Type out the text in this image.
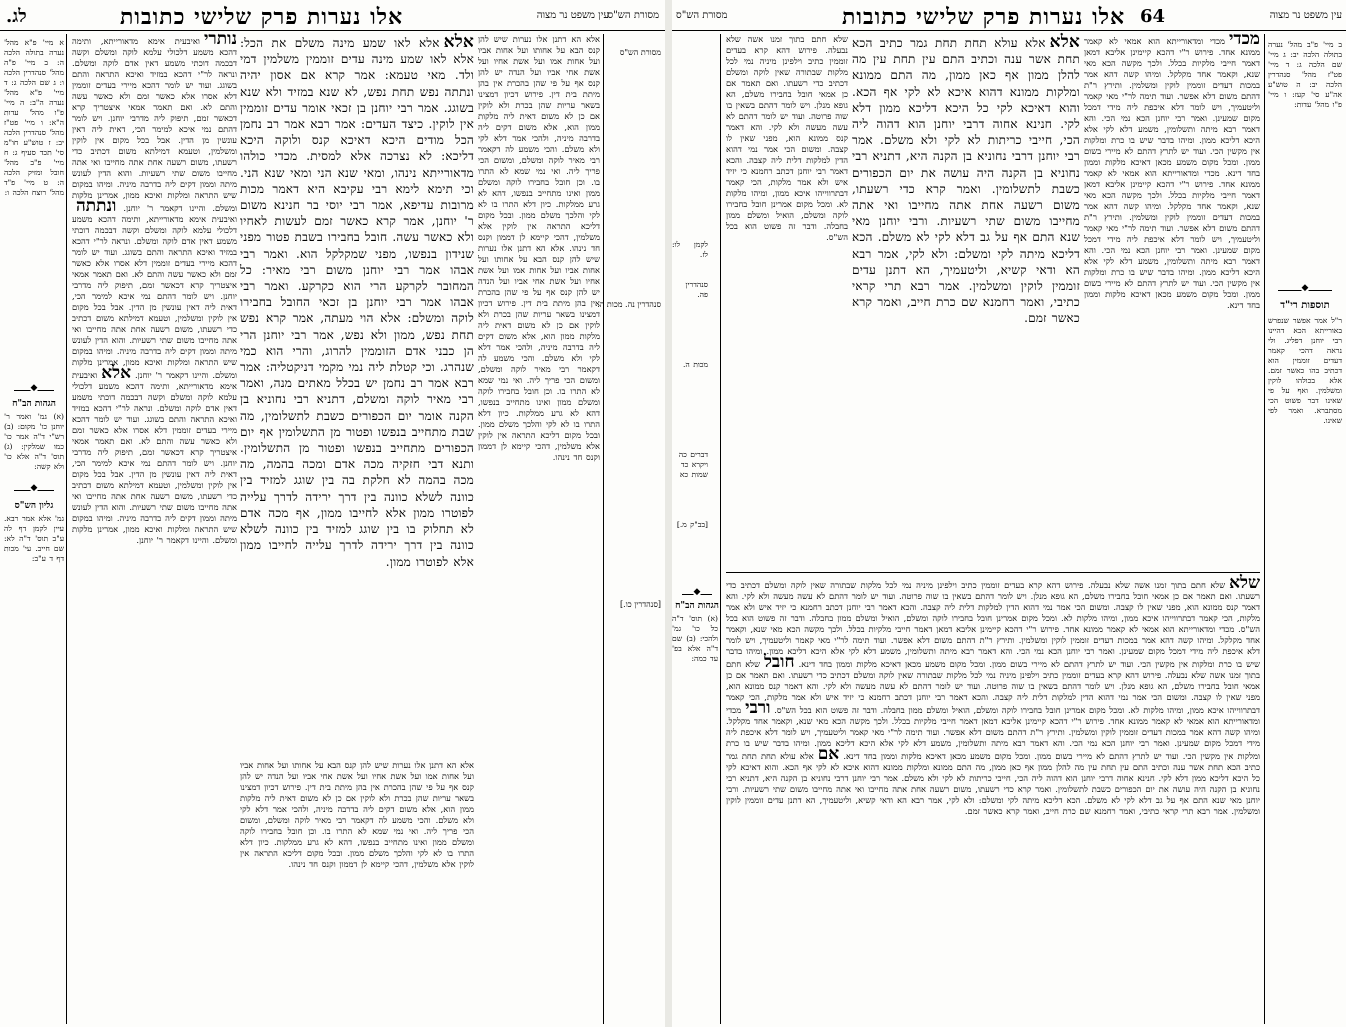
לג.	אלו נערות פרק שלישי כתובות	מסורת הש"ס
עין משפט נר מצוה
א מיי' פ"א מהל' נערה בתולה הלכה ה: ב מיי' פ"ה מהל' סנהדרין הלכה ו: ג שם הלכה ג: ד מיי' פ"א מהל' נערה ה"ב: ה מיי' פ"ו מהל' עדות ה"א: ו מיי' פט"ז מהל' סנהדרין הלכה יב: ז טוש"ע חו"מ סי' תכד סעיף ג: ח מיי' פ"ב מהל' חובל ומזיק הלכה ה: ט מיי' פ"ד מהל' רוצח הלכה ו:
◆
הגהות הב"ח
(א) גמ' ואמר ר' יוחנן כו' מקום: (ב) רש"י ד"ה אמר כו' כמו שמלקין: (ג) תוס' ד"ה אלא כו' ולא קשה:
◆
גליון הש"ס
גמ' אלא אמר רבא. עיין לקמן דף לה ע"ב תוס' ד"ה לא: שם חייב. עי' מכות דף ד ע"ב:
נותריואיבעית אימא מדאורייתא, ותימה דהכא משמע דלכולי עלמא לוקה ומשלם וקשה דבכמה דוכתי משמע דאין אדם לוקה ומשלם. ונראה לר"י דהכא במזיד ואיכא התראה והתם בשוגג. ועוד יש לומר דהכא מיירי בעדים זוממין דלא אסרו אלא כאשר זמם ולא כאשר עשה והתם לא. ואם תאמר אמאי איצטריך קרא דכאשר זמם, תיפוק ליה מדרבי יוחנן. ויש לומר דהתם נמי איכא למימר הכי, דאית ליה דאין עונשין מן הדין. אבל בכל מקום אין לוקין ומשלמין, וטעמא דמילתא משום דכתיב כדי רשעתו, משום רשעה אחת אתה מחייבו ואי אתה מחייבו משום שתי רשעיות. והוא הדין לעונש מיתה וממון דקים ליה בדרבה מיניה. ומיהו במקום שיש התראה ומלקות ואיכא ממון, אמרינן מלקות ומשלם. והיינו דקאמר ר' יוחנן. ונתתהואיבעית אימא מדאורייתא, ותימה דהכא משמע דלכולי עלמא לוקה ומשלם וקשה דבכמה דוכתי משמע דאין אדם לוקה ומשלם. ונראה לר"י דהכא במזיד ואיכא התראה והתם בשוגג. ועוד יש לומר דהכא מיירי בעדים זוממין דלא אסרו אלא כאשר זמם ולא כאשר עשה והתם לא. ואם תאמר אמאי איצטריך קרא דכאשר זמם, תיפוק ליה מדרבי יוחנן. ויש לומר דהתם נמי איכא למימר הכי, דאית ליה דאין עונשין מן הדין. אבל בכל מקום אין לוקין ומשלמין, וטעמא דמילתא משום דכתיב כדי רשעתו, משום רשעה אחת אתה מחייבו ואי אתה מחייבו משום שתי רשעיות. והוא הדין לעונש מיתה וממון דקים ליה בדרבה מיניה. ומיהו במקום שיש התראה ומלקות ואיכא ממון, אמרינן מלקות ומשלם. והיינו דקאמר ר' יוחנן. אלאואיבעית אימא מדאורייתא, ותימה דהכא משמע דלכולי עלמא לוקה ומשלם וקשה דבכמה דוכתי משמע דאין אדם לוקה ומשלם. ונראה לר"י דהכא במזיד ואיכא התראה והתם בשוגג. ועוד יש לומר דהכא מיירי בעדים זוממין דלא אסרו אלא כאשר זמם ולא כאשר עשה והתם לא. ואם תאמר אמאי איצטריך קרא דכאשר זמם, תיפוק ליה מדרבי יוחנן. ויש לומר דהתם נמי איכא למימר הכי, דאית ליה דאין עונשין מן הדין. אבל בכל מקום אין לוקין ומשלמין, וטעמא דמילתא משום דכתיב כדי רשעתו, משום רשעה אחת אתה מחייבו ואי אתה מחייבו משום שתי רשעיות. והוא הדין לעונש מיתה וממון דקים ליה בדרבה מיניה. ומיהו במקום שיש התראה ומלקות ואיכא ממון, אמרינן מלקות ומשלם. והיינו דקאמר ר' יוחנן.
אלאאלא לאו שמע מינה משלם את הכל: אלא לאו שמע מינה עדים זוממין משלמין דמי ולד. מאי טעמא: אמר קרא אם אסון יהיה ונתתה נפש תחת נפש, לא שנא במזיד ולא שנא בשוגג. אמר רבי יוחנן בן זכאי אומר עדים זוממין אין לוקין. כיצד העדים: אמר רבא אמר רב נחמן הכל מודים היכא דאיכא קנס ולוקה היכא דליכא: לא נצרכה אלא למסית. מכדי כולהו מדאורייתא נינהו, ומאי שנא הני ומאי שנא הני. וכי תימא לימא רבי עקיבא היא דאמר מכות מרובות עדיפא, אמר רבי יוסי בר חנינא משום ר' יוחנן, אמר קרא כאשר זמם לעשות לאחיו ולא כאשר עשה. חובל בחבירו בשבת פטור מפני שנידון בנפשו, מפני שמקלקל הוא. ואמר רבי אבהו אמר רבי יוחנן משום רבי מאיר: כל המחובר לקרקע הרי הוא כקרקע. ואמר רבי אבהו אמר רבי יוחנן בן זכאי החובל בחבירו לוקה ומשלם: אלא הוי מעתה, אמר קרא נפש תחת נפש, ממון ולא נפש, אמר רבי יוחנן הרי הן כבני אדם הזוממין להרוג, והרי הוא כמי שנהרג. וכי קטלת ליה נמי מקמי דניקטליה: אמר רבא אמר רב נחמן יש בכלל מאתים מנה, ואמר רבי מאיר לוקה ומשלם, דתניא רבי נחוניא בן הקנה אומר יום הכפורים כשבת לתשלומין, מה שבת מתחייב בנפשו ופטור מן התשלומין אף יום הכפורים מתחייב בנפשו ופטור מן התשלומין. ותנא דבי חזקיה מכה אדם ומכה בהמה, מה מכה בהמה לא חלקת בה בין שוגג למזיד בין כוונה לשלא כוונה בין דרך ירידה לדרך עלייה לפוטרו ממון אלא לחייבו ממון, אף מכה אדם לא תחלוק בו בין שוגג למזיד בין כוונה לשלא כוונה בין דרך ירידה לדרך עלייה לחייבו ממון אלא לפוטרו ממון.
אלא הא דתנן אלו נערות שיש להן קנס הבא על אחותו ועל אחות אביו ועל אחות אמו ועל אשת אחיו ועל אשת אחי אביו ועל הנדה יש להן קנס אף על פי שהן בהכרת אין בהן מיתת בית דין. פירוש דכיון דמצינו בשאר עריות שהן בכרת ולא לוקין אם כן לא משום דאית ליה מלקות ממון הוא, אלא משום דקים ליה בדרבה מיניה, ולהכי אמר דלא לקי ולא משלם. והכי משמע לה דקאמר רבי מאיר לוקה ומשלם, ומשום הכי פריך ליה. ואי נמי שמא לא התרו בו. וכן חובל בחבירו לוקה ומשלם ממון ואינו מתחייב בנפשו, דהא לא גרע ממלקות. כיון דלא התרו בו לא לקי והלכך משלם ממון. ובכל מקום דליכא התראה אין לוקין אלא משלמין, דהכי קיימא לן דממון וקנס חד נינהו.
אלא הא דתנן אלו נערות שיש להן קנס הבא על אחותו ועל אחות אביו ועל אחות אמו ועל אשת אחיו ועל אשת אחי אביו ועל הנדה יש להן קנס אף על פי שהן בהכרת אין בהן מיתת בית דין. פירוש דכיון דמצינו בשאר עריות שהן בכרת ולא לוקין אם כן לא משום דאית ליה מלקות ממון הוא, אלא משום דקים ליה בדרבה מיניה, ולהכי אמר דלא לקי ולא משלם. והכי משמע לה דקאמר רבי מאיר לוקה ומשלם, ומשום הכי פריך ליה. ואי נמי שמא לא התרו בו. וכן חובל בחבירו לוקה ומשלם ממון ואינו מתחייב בנפשו, דהא לא גרע ממלקות. כיון דלא התרו בו לא לקי והלכך משלם ממון. ובכל מקום דליכא התראה אין לוקין אלא משלמין, דהכי קיימא לן דממון וקנס חד נינהו. אלא הא דתנן אלו נערות שיש להן קנס הבא על אחותו ועל אחות אביו ועל אחות אמו ועל אשת אחיו ועל אשת אחי אביו ועל הנדה יש להן קנס אף על פי שהן בהכרת אין בהן מיתת בית דין. פירוש דכיון דמצינו בשאר עריות שהן בכרת ולא לוקין אם כן לא משום דאית ליה מלקות ממון הוא, אלא משום דקים ליה בדרבה מיניה, ולהכי אמר דלא לקי ולא משלם. והכי משמע לה דקאמר רבי מאיר לוקה ומשלם, ומשום הכי פריך ליה. ואי נמי שמא לא התרו בו. וכן חובל בחבירו לוקה ומשלם ממון ואינו מתחייב בנפשו, דהא לא גרע ממלקות. כיון דלא התרו בו לא לקי והלכך משלם ממון. ובכל מקום דליכא התראה אין לוקין אלא משלמין, דהכי קיימא לן דממון וקנס חד נינהו.
מסורת הש"ס
סנהדרין נה. מכות ה.
[סנהדרין כו.]
מסורת הש"ס	אלו נערות פרק שלישי כתובות 64	עין משפט נר מצוה
לקמן לו: לז.
סנהדרין פה.
מכות ה.
דברים כה
ויקרא כד
שמות כא
[בב"ק מ.]
הגהות הב"ח
◆
(א) תוס' ד"ה כל כו' גמ' ולהכי: (ב) שם ד"ה אלא בפ' עד כמה:
שלא חתם בתוך זמנו אשה שלא נבעלה. פירוש דהא קרא בעדים זוממין כתיב וילפינן מיניה נמי לכל מלקות שבתורה שאין לוקה ומשלם דכתיב כדי רשעתו. ואם תאמר אם כן אמאי חובל בחבירו משלם, הא גופא מנלן. ויש לומר דהתם בשאין בו שוה פרוטה. ועוד יש לומר דהתם לא עשה מעשה ולא לקי. והא דאמר קנס ממונא הוא, מפני שאין לו קצבה. ומשום הכי אמר נמי דהוא הדין למלקות דלית ליה קצבה. והכא דאמר רבי יוחנן דכתב רחמנא כי יזיד איש ולא אמר מלקות, הכי קאמר דבתרווייהו איכא ממון, ומיהו מלקות לא. ומכל מקום אמרינן חובל בחבירו לוקה ומשלם, הואיל ומשלם ממון בחבלה. ודבר זה פשוט הוא בכל הש"ס.
אלאאלא עולא תחת תחת גמר כתיב הכא תחת אשר ענה וכתיב התם עין תחת עין מה להלן ממון אף כאן ממון, מה התם ממונא ומלקות ממונא דהוא איכא לא לקי אף הכא. והוא דאיכא לקי כל היכא דליכא ממון דלא לקי. חנינא אחוה דרבי יוחנן הוא דהוה ליה הכי, חייבי כריתות לא לקי ולא משלם. אמר רבי יוחנן דרבי נחוניא בן הקנה היא, דתניא רבי נחוניא בן הקנה היה עושה את יום הכפורים כשבת לתשלומין. ואמר קרא כדי רשעתו, משום רשעה אחת אתה מחייבו ואי אתה מחייבו משום שתי רשעיות. ורבי יוחנן מאי שנא התם אף על גב דלא לקי לא משלם. הכא דליכא מיתה לקי ומשלם: ולא לקי, אמר רבא הא ודאי קשיא, וליטעמיך, הא דתנן עדים זוממין לוקין ומשלמין. אמר רבא תרי קראי כתיבי, ואמר רחמנא שם כרת חייב, ואמר קרא כאשר זמם.
מכדימכדי ומדאורייתא הוא אמאי לא קאמר ממונא אחד. פירוש ר"י דהכא קיימינן אליבא דמאן דאמר חייבי מלקיות בכלל. ולכך מקשה הכא מאי שנא, וקאמר אחד מקלקל. ומיהו קשה דהא אמר במכות דעדים זוממין לוקין ומשלמין. ותירץ ר"ת דהתם משום דלא אפשר. ועוד תימה לר"י מאי קאמר וליטעמיך, ויש לומר דלא איכפת ליה מידי דמכל מקום שמעינן. ואמר רבי יוחנן הכא נמי הכי. והא דאמר רבא מיתה ותשלומין, משמע דלא לקי אלא היכא דליכא ממון. ומיהו בדבר שיש בו כרת ומלקות אין מקשין הכי. ועוד יש לתרץ דהתם לא מיירי בשום ממון. ומכל מקום משמע מכאן דאיכא מלקות וממון בחד דינא. מכדי ומדאורייתא הוא אמאי לא קאמר ממונא אחד. פירוש ר"י דהכא קיימינן אליבא דמאן דאמר חייבי מלקיות בכלל. ולכך מקשה הכא מאי שנא, וקאמר אחד מקלקל. ומיהו קשה דהא אמר במכות דעדים זוממין לוקין ומשלמין. ותירץ ר"ת דהתם משום דלא אפשר. ועוד תימה לר"י מאי קאמר וליטעמיך, ויש לומר דלא איכפת ליה מידי דמכל מקום שמעינן. ואמר רבי יוחנן הכא נמי הכי. והא דאמר רבא מיתה ותשלומין, משמע דלא לקי אלא היכא דליכא ממון. ומיהו בדבר שיש בו כרת ומלקות אין מקשין הכי. ועוד יש לתרץ דהתם לא מיירי בשום ממון. ומכל מקום משמע מכאן דאיכא מלקות וממון בחד דינא.
ב מיי' פ"ב מהל' נערה בתולה הלכה יב: ג מיי' שם הלכה ג: ד מיי' פט"ז מהל' סנהדרין הלכה יב: ה טוש"ע אה"ע סי' קעז: ו מיי' פ"ו מהל' עדות:
◆
תוספות רי"ד
ר"ל אמר אפשר שנפרש באורייתא הכא דהיינו רבי יוחנן דפליג. ולי נראה דהכי קאמר דעדים זוממין הוא דכתיב בהו כאשר זמם. אלא בכולהו לוקין ומשלמין. ואף על פי שאינו דבר פשוט הכי מסתברא. ואמר לפי שאינו.
שלאשלא חתם בתוך זמנו אשה שלא נבעלה. פירוש דהא קרא בעדים זוממין כתיב וילפינן מיניה נמי לכל מלקות שבתורה שאין לוקה ומשלם דכתיב כדי רשעתו. ואם תאמר אם כן אמאי חובל בחבירו משלם, הא גופא מנלן. ויש לומר דהתם בשאין בו שוה פרוטה. ועוד יש לומר דהתם לא עשה מעשה ולא לקי. והא דאמר קנס ממונא הוא, מפני שאין לו קצבה. ומשום הכי אמר נמי דהוא הדין למלקות דלית ליה קצבה. והכא דאמר רבי יוחנן דכתב רחמנא כי יזיד איש ולא אמר מלקות, הכי קאמר דבתרווייהו איכא ממון, ומיהו מלקות לא. ומכל מקום אמרינן חובל בחבירו לוקה ומשלם, הואיל ומשלם ממון בחבלה. ודבר זה פשוט הוא בכל הש"ס. מכדי ומדאורייתא הוא אמאי לא קאמר ממונא אחד. פירוש ר"י דהכא קיימינן אליבא דמאן דאמר חייבי מלקיות בכלל. ולכך מקשה הכא מאי שנא, וקאמר אחד מקלקל. ומיהו קשה דהא אמר במכות דעדים זוממין לוקין ומשלמין. ותירץ ר"ת דהתם משום דלא אפשר. ועוד תימה לר"י מאי קאמר וליטעמיך, ויש לומר דלא איכפת ליה מידי דמכל מקום שמעינן. ואמר רבי יוחנן הכא נמי הכי. והא דאמר רבא מיתה ותשלומין, משמע דלא לקי אלא היכא דליכא ממון. ומיהו בדבר שיש בו כרת ומלקות אין מקשין הכי. ועוד יש לתרץ דהתם לא מיירי בשום ממון. ומכל מקום משמע מכאן דאיכא מלקות וממון בחד דינא. חובלשלא חתם בתוך זמנו אשה שלא נבעלה. פירוש דהא קרא בעדים זוממין כתיב וילפינן מיניה נמי לכל מלקות שבתורה שאין לוקה ומשלם דכתיב כדי רשעתו. ואם תאמר אם כן אמאי חובל בחבירו משלם, הא גופא מנלן. ויש לומר דהתם בשאין בו שוה פרוטה. ועוד יש לומר דהתם לא עשה מעשה ולא לקי. והא דאמר קנס ממונא הוא, מפני שאין לו קצבה. ומשום הכי אמר נמי דהוא הדין למלקות דלית ליה קצבה. והכא דאמר רבי יוחנן דכתב רחמנא כי יזיד איש ולא אמר מלקות, הכי קאמר דבתרווייהו איכא ממון, ומיהו מלקות לא. ומכל מקום אמרינן חובל בחבירו לוקה ומשלם, הואיל ומשלם ממון בחבלה. ודבר זה פשוט הוא בכל הש"ס. ורבימכדי ומדאורייתא הוא אמאי לא קאמר ממונא אחד. פירוש ר"י דהכא קיימינן אליבא דמאן דאמר חייבי מלקיות בכלל. ולכך מקשה הכא מאי שנא, וקאמר אחד מקלקל. ומיהו קשה דהא אמר במכות דעדים זוממין לוקין ומשלמין. ותירץ ר"ת דהתם משום דלא אפשר. ועוד תימה לר"י מאי קאמר וליטעמיך, ויש לומר דלא איכפת ליה מידי דמכל מקום שמעינן. ואמר רבי יוחנן הכא נמי הכי. והא דאמר רבא מיתה ותשלומין, משמע דלא לקי אלא היכא דליכא ממון. ומיהו בדבר שיש בו כרת ומלקות אין מקשין הכי. ועוד יש לתרץ דהתם לא מיירי בשום ממון. ומכל מקום משמע מכאן דאיכא מלקות וממון בחד דינא. אםאלא עולא תחת תחת גמר כתיב הכא תחת אשר ענה וכתיב התם עין תחת עין מה להלן ממון אף כאן ממון, מה התם ממונא ומלקות ממונא דהוא איכא לא לקי אף הכא. והוא דאיכא לקי כל היכא דליכא ממון דלא לקי. חנינא אחוה דרבי יוחנן הוא דהוה ליה הכי, חייבי כריתות לא לקי ולא משלם. אמר רבי יוחנן דרבי נחוניא בן הקנה היא, דתניא רבי נחוניא בן הקנה היה עושה את יום הכפורים כשבת לתשלומין. ואמר קרא כדי רשעתו, משום רשעה אחת אתה מחייבו ואי אתה מחייבו משום שתי רשעיות. ורבי יוחנן מאי שנא התם אף על גב דלא לקי לא משלם. הכא דליכא מיתה לקי ומשלם: ולא לקי, אמר רבא הא ודאי קשיא, וליטעמיך, הא דתנן עדים זוממין לוקין ומשלמין. אמר רבא תרי קראי כתיבי, ואמר רחמנא שם כרת חייב, ואמר קרא כאשר זמם.
